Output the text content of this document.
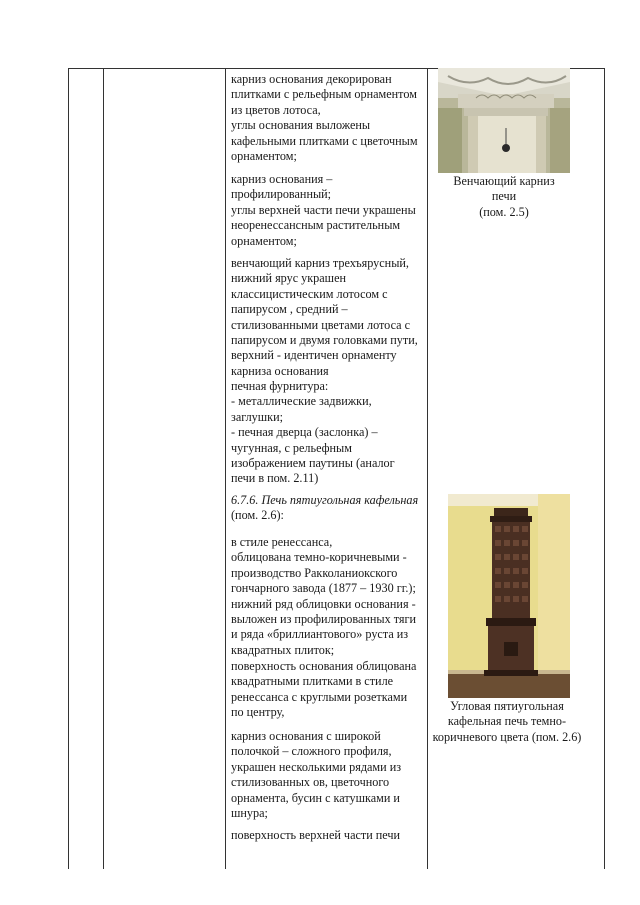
карниз основания декорирован
плитками с рельефным орнаментом
из цветов лотоса,
углы основания выложены
кафельными плитками с цветочным
орнаментом;

карниз основания –
профилированный;
углы верхней части печи украшены
неоренессансным растительным
орнаментом;

венчающий карниз трехъярусный,
нижний ярус украшен
классицистическим лотосом с
папирусом , средний –
стилизованными цветами лотоса с
папирусом и двумя головками пути,
верхний - идентичен орнаменту
карниза основания

печная фурнитура:
- металлические задвижки,
заглушки;
- печная дверца (заслонка) –
чугунная, с рельефным
изображением паутины (аналог
печи в пом. 2.11)

6.7.6. Печь пятиугольная кафельная
(пом. 2.6):

в стиле ренессанса,
облицована темно-коричневыми -
производство Ракколаниокского
гончарного завода (1877 – 1930 гг.);
нижний ряд облицовки основания -
выложен из профилированных тяги
и ряда «бриллиантового» руста из
квадратных плиток;

поверхность основания облицована
квадратными плитками в стиле
ренессанса с круглыми розетками
по центру,

карниз основания с широкой
полочкой – сложного профиля,
украшен несколькими рядами из
стилизованных ов, цветочного
орнамента, бусин с катушками и
шнура;

поверхность верхней части печи

Венчающий карниз печи
(пом. 2.5)
Угловая пятиугольная
кафельная печь темно-
коричневого цвета (пом. 2.6)
